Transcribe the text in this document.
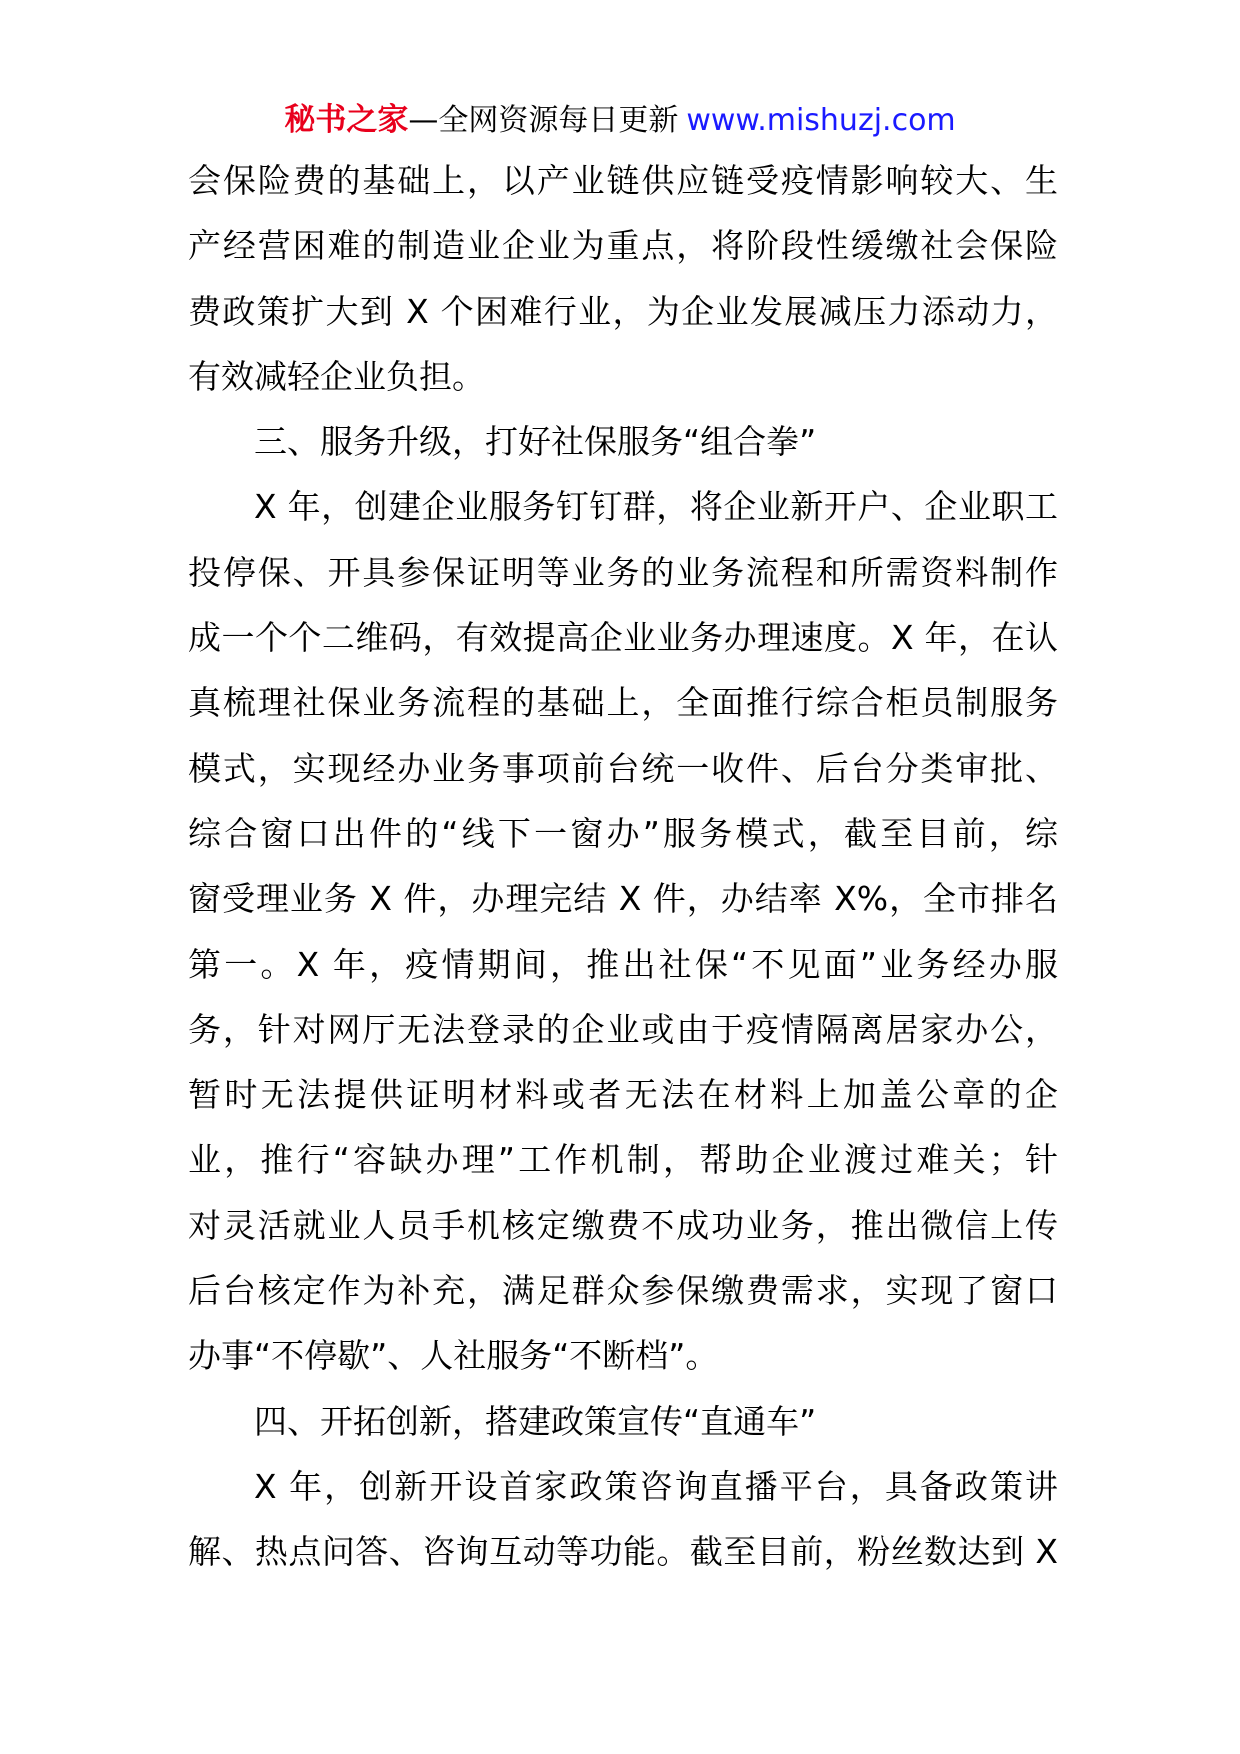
秘书之家—全网资源每日更新 www.mishuzj.com
会保险费的基础上，以产业链供应链受疫情影响较大、生
产经营困难的制造业企业为重点，将阶段性缓缴社会保险
费政策扩大到 X 个困难行业，为企业发展减压力添动力，
有效减轻企业负担。
三、服务升级，打好社保服务“组合拳”
X 年，创建企业服务钉钉群，将企业新开户、企业职工
投停保、开具参保证明等业务的业务流程和所需资料制作
成一个个二维码，有效提高企业业务办理速度。X 年，在认
真梳理社保业务流程的基础上，全面推行综合柜员制服务
模式，实现经办业务事项前台统一收件、后台分类审批、
综合窗口出件的“线下一窗办”服务模式，截至目前，综
窗受理业务 X 件，办理完结 X 件，办结率 X%，全市排名
第一。X 年，疫情期间，推出社保“不见面”业务经办服
务，针对网厅无法登录的企业或由于疫情隔离居家办公，
暂时无法提供证明材料或者无法在材料上加盖公章的企
业，推行“容缺办理”工作机制，帮助企业渡过难关；针
对灵活就业人员手机核定缴费不成功业务，推出微信上传
后台核定作为补充，满足群众参保缴费需求，实现了窗口
办事“不停歇”、人社服务“不断档”。
四、开拓创新，搭建政策宣传“直通车”
X 年，创新开设首家政策咨询直播平台，具备政策讲
解、热点问答、咨询互动等功能。截至目前，粉丝数达到 X
